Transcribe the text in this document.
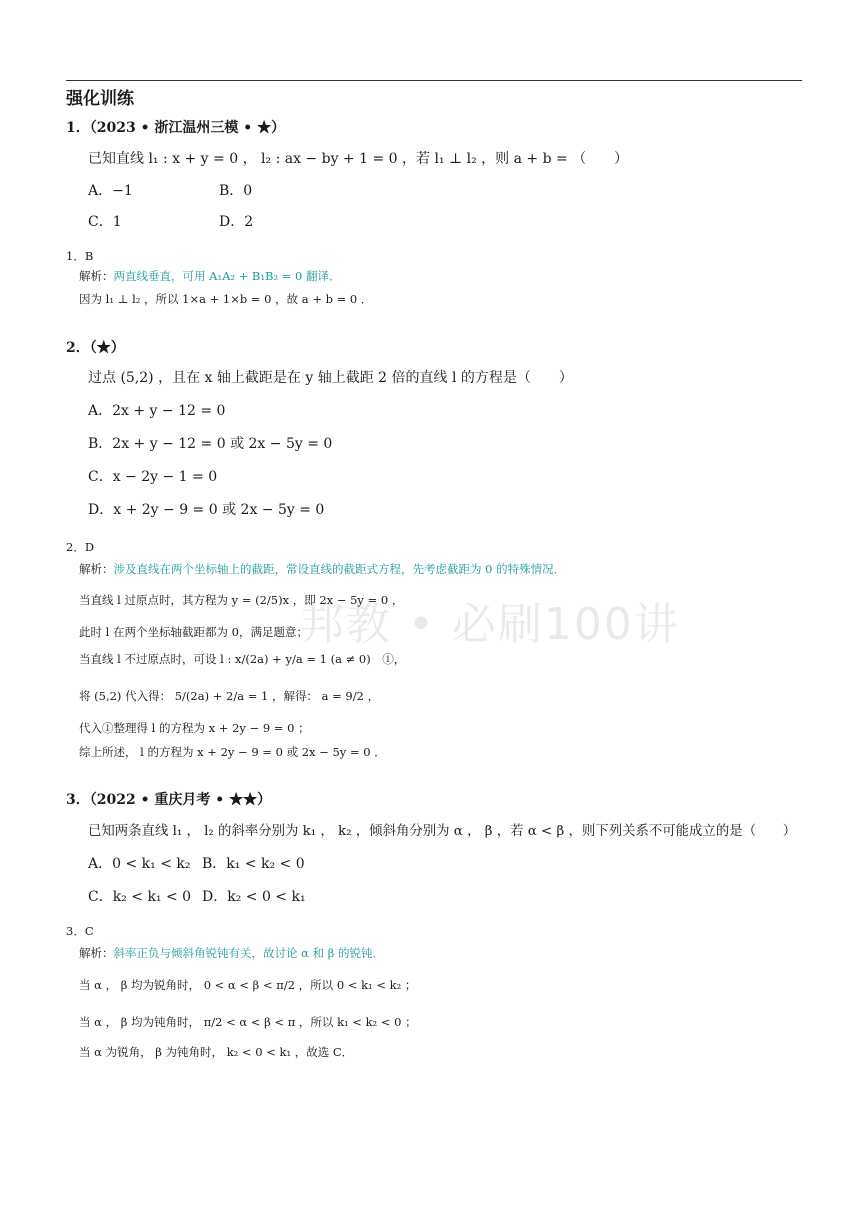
邦教 • 必刷100讲
强化训练
1．（2023 • 浙江温州三模 • ★）
已知直线 l₁ : x + y = 0 ， l₂ : ax − by + 1 = 0 ，若 l₁ ⊥ l₂ ，则 a + b = （　　）
A．−1	B．0
C．1	D．2
1．B
解析：两直线垂直，可用 A₁A₂ + B₁B₂ = 0 翻译．
因为 l₁ ⊥ l₂ ，所以 1×a + 1×b = 0 ，故 a + b = 0 ．
2．（★）
过点 (5,2) ，且在 x 轴上截距是在 y 轴上截距 2 倍的直线 l 的方程是（　　）
A．2x + y − 12 = 0
B．2x + y − 12 = 0 或 2x − 5y = 0
C．x − 2y − 1 = 0
D．x + 2y − 9 = 0 或 2x − 5y = 0
2．D
解析：涉及直线在两个坐标轴上的截距，常设直线的截距式方程，先考虑截距为 0 的特殊情况．
当直线 l 过原点时，其方程为 y = (2/5)x ，即 2x − 5y = 0 ，
此时 l 在两个坐标轴截距都为 0，满足题意；
当直线 l 不过原点时，可设 l : x/(2a) + y/a = 1 (a ≠ 0)　①，
将 (5,2) 代入得： 5/(2a) + 2/a = 1 ，解得： a = 9/2 ，
代入①整理得 l 的方程为 x + 2y − 9 = 0 ；
综上所述， l 的方程为 x + 2y − 9 = 0 或 2x − 5y = 0 ．
3．（2022 • 重庆月考 • ★★）
已知两条直线 l₁ ， l₂ 的斜率分别为 k₁ ， k₂ ，倾斜角分别为 α ， β ，若 α < β ，则下列关系不可能成立的是（　　）
A．0 < k₁ < k₂ B．k₁ < k₂ < 0
C．k₂ < k₁ < 0 D．k₂ < 0 < k₁
3．C
解析：斜率正负与倾斜角锐钝有关，故讨论 α 和 β 的锐钝．
当 α ， β 均为锐角时， 0 < α < β < π/2 ，所以 0 < k₁ < k₂ ；
当 α ， β 均为钝角时， π/2 < α < β < π ，所以 k₁ < k₂ < 0 ；
当 α 为锐角， β 为钝角时， k₂ < 0 < k₁ ，故选 C．
